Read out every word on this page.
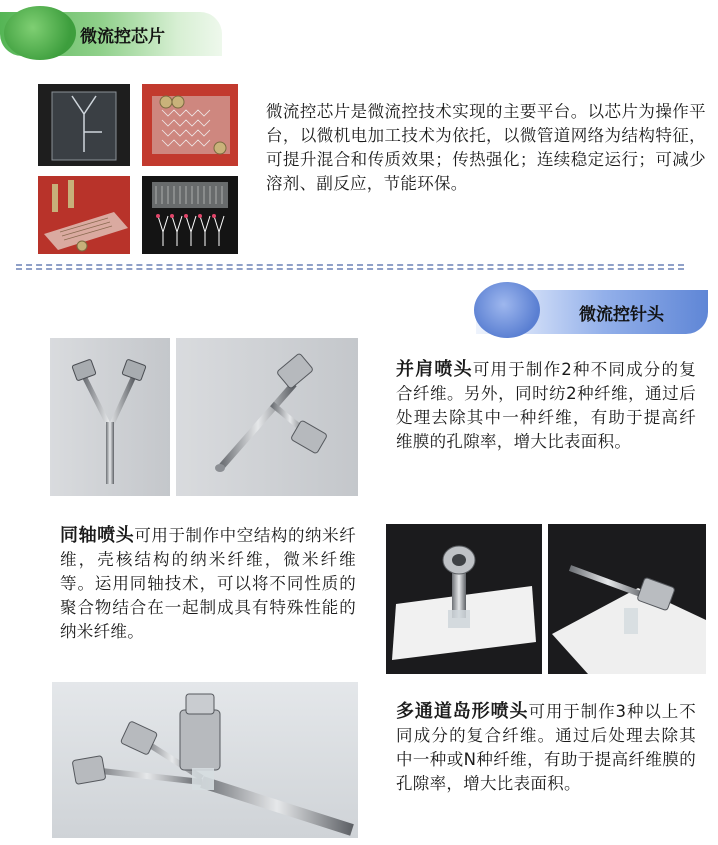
微流控芯片
微流控芯片是微流控技术实现的主要平台。以芯片为操作平台，以微机电加工技术为依托，以微管道网络为结构特征，可提升混合和传质效果；传热强化；连续稳定运行；可减少溶剂、副反应，节能环保。
微流控针头
并肩喷头可用于制作2种不同成分的复合纤维。另外，同时纺2种纤维，通过后处理去除其中一种纤维，有助于提高纤维膜的孔隙率，增大比表面积。
同轴喷头可用于制作中空结构的纳米纤维，壳核结构的纳米纤维，微米纤维等。运用同轴技术，可以将不同性质的聚合物结合在一起制成具有特殊性能的纳米纤维。
多通道岛形喷头可用于制作3种以上不同成分的复合纤维。通过后处理去除其中一种或N种纤维，有助于提高纤维膜的孔隙率，增大比表面积。
